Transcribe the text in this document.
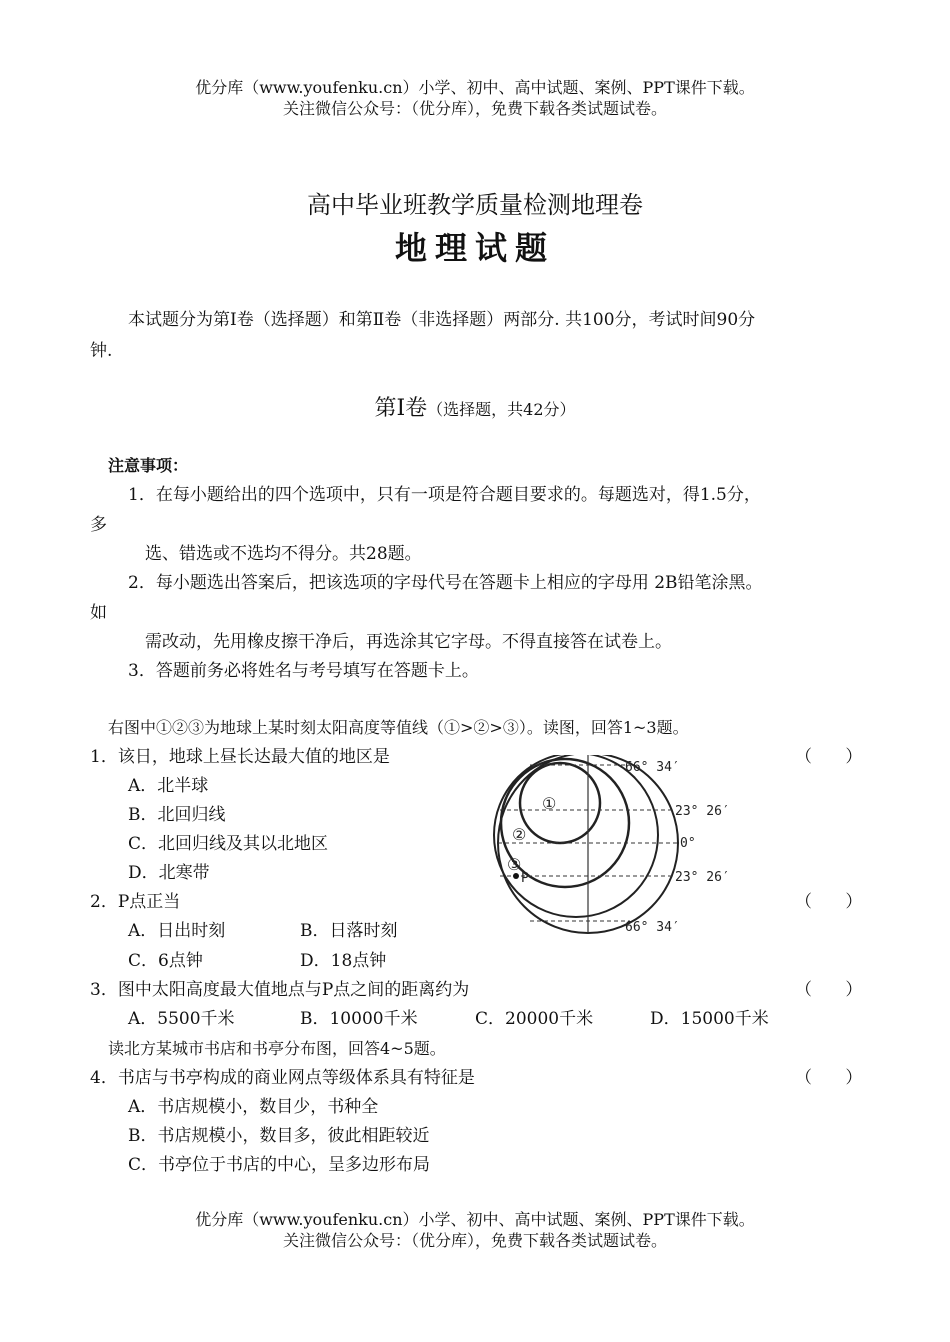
优分库（www.youfenku.cn）小学、初中、高中试题、案例、PPT课件下载。
关注微信公众号：（优分库），免费下载各类试题试卷。
高中毕业班教学质量检测地理卷
地理试题
本试题分为第Ⅰ卷（选择题）和第Ⅱ卷（非选择题）两部分. 共100分，考试时间90分
钟.
第Ⅰ卷（选择题，共42分）
注意事项：
1．在每小题给出的四个选项中，只有一项是符合题目要求的。每题选对，得1.5分，
多
选、错选或不选均不得分。共28题。
2．每小题选出答案后，把该选项的字母代号在答题卡上相应的字母用 2B铅笔涂黑。
如
需改动，先用橡皮擦干净后，再选涂其它字母。不得直接答在试卷上。
3．答题前务必将姓名与考号填写在答题卡上。
右图中①②③为地球上某时刻太阳高度等值线（①>②>③）。读图，回答1~3题。
1．该日，地球上昼长达最大值的地区是	（ ）
A．北半球
B．北回归线
C．北回归线及其以北地区
D．北寒带
2．P点正当	（ ）
A．日出时刻	B．日落时刻
C．6点钟	D．18点钟
3．图中太阳高度最大值地点与P点之间的距离约为	（ ）
A．5500千米	B．10000千米	C．20000千米	D．15000千米
66° 34′
23° 26′
0°
23° 26′
66° 34′
①
②
③
P
读北方某城市书店和书亭分布图，回答4~5题。
4．书店与书亭构成的商业网点等级体系具有特征是	（ ）
A．书店规模小，数目少，书种全
B．书店规模小，数目多，彼此相距较近
C．书亭位于书店的中心，呈多边形布局
优分库（www.youfenku.cn）小学、初中、高中试题、案例、PPT课件下载。
关注微信公众号：（优分库），免费下载各类试题试卷。
